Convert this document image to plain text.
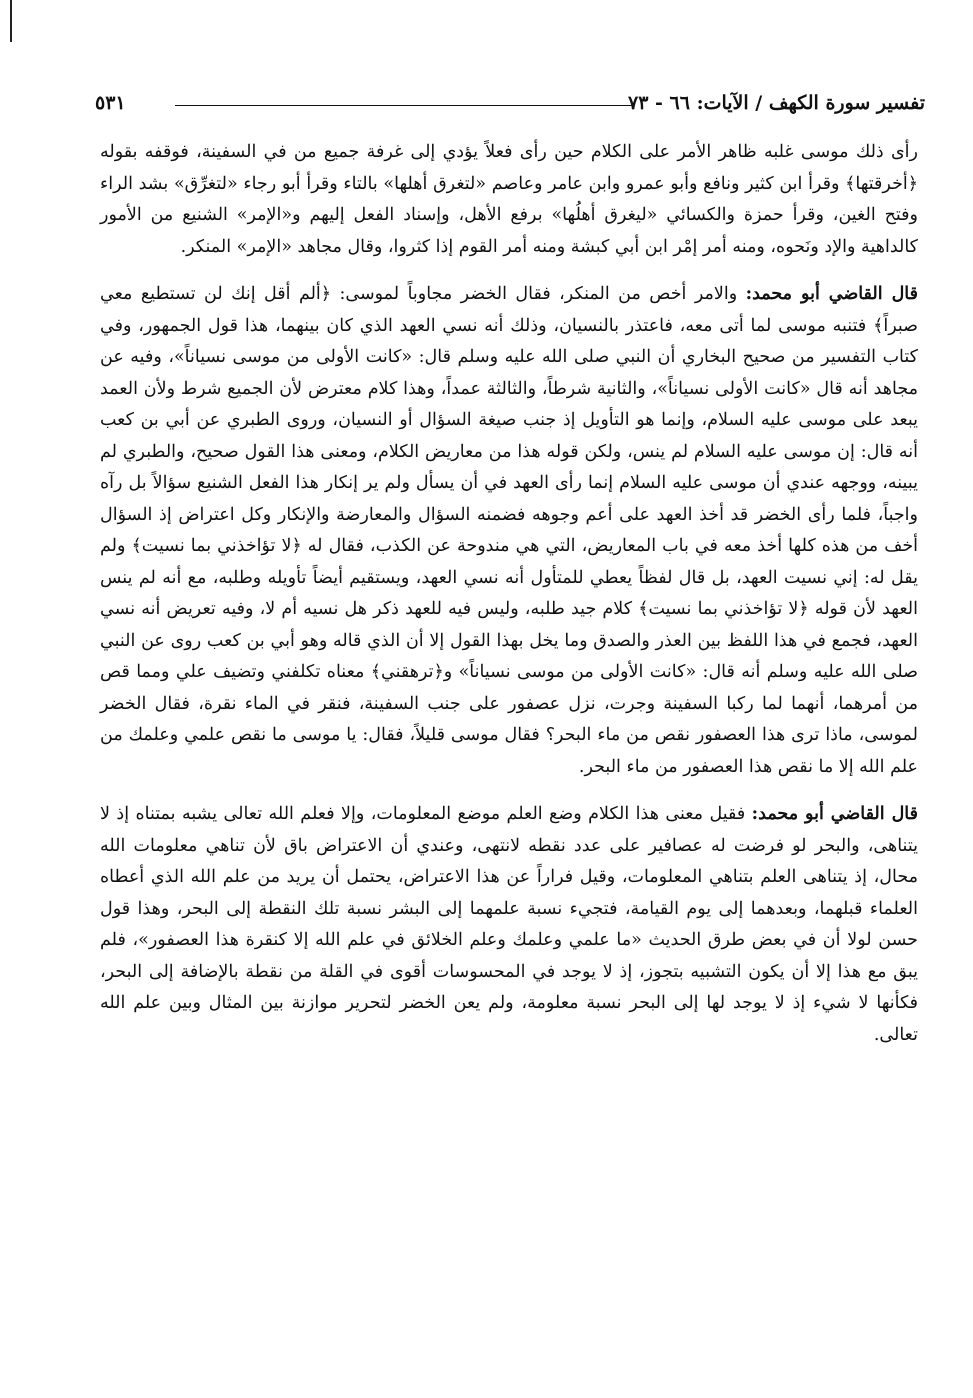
تفسير سورة الكهف / الآيات: ٦٦ - ٧٣
٥٣١

رأى ذلك موسى غلبه ظاهر الأمر على الكلام حين رأى فعلاً يؤدي إلى غرفة جميع من في السفينة، فوقفه بقوله ﴿أخرقتها﴾ وقرأ ابن كثير ونافع وأبو عمرو وابن عامر وعاصم «لتغرق أهلها» بالتاء وقرأ أبو رجاء «لتغرِّق» بشد الراء وفتح الغين، وقرأ حمزة والكسائي «ليغرق أهلُها» برفع الأهل، وإسناد الفعل إليهم و«الإمر» الشنيع من الأمور كالداهية والإد ونَحوه، ومنه أمر إمْر ابن أبي كبشة ومنه أمر القوم إذا كثروا، وقال مجاهد «الإمر» المنكر.

قال القاضي أبو محمد: والامر أخص من المنكر، فقال الخضر مجاوباً لموسى: ﴿ألم أقل إنك لن تستطيع معي صبراً﴾ فتنبه موسى لما أتى معه، فاعتذر بالنسيان، وذلك أنه نسي العهد الذي كان بينهما، هذا قول الجمهور، وفي كتاب التفسير من صحيح البخاري أن النبي صلى الله عليه وسلم قال: «كانت الأولى من موسى نسياناً»، وفيه عن مجاهد أنه قال «كانت الأولى نسياناً»، والثانية شرطاً، والثالثة عمداً، وهذا كلام معترض لأن الجميع شرط ولأن العمد يبعد على موسى عليه السلام، وإنما هو التأويل إذ جنب صيغة السؤال أو النسيان، وروى الطبري عن أبي بن كعب أنه قال: إن موسى عليه السلام لم ينس، ولكن قوله هذا من معاريض الكلام، ومعنى هذا القول صحيح، والطبري لم يبينه، ووجهه عندي أن موسى عليه السلام إنما رأى العهد في أن يسأل ولم ير إنكار هذا الفعل الشنيع سؤالاً بل رآه واجباً، فلما رأى الخضر قد أخذ العهد على أعم وجوهه فضمنه السؤال والمعارضة والإنكار وكل اعتراض إذ السؤال أخف من هذه كلها أخذ معه في باب المعاريض، التي هي مندوحة عن الكذب، فقال له ﴿لا تؤاخذني بما نسيت﴾ ولم يقل له: إني نسيت العهد، بل قال لفظاً يعطي للمتأول أنه نسي العهد، ويستقيم أيضاً تأويله وطلبه، مع أنه لم ينس العهد لأن قوله ﴿لا تؤاخذني بما نسيت﴾ كلام جيد طلبه، وليس فيه للعهد ذكر هل نسيه أم لا، وفيه تعريض أنه نسي العهد، فجمع في هذا اللفظ بين العذر والصدق وما يخل بهذا القول إلا أن الذي قاله وهو أبي بن كعب روى عن النبي صلى الله عليه وسلم أنه قال: «كانت الأولى من موسى نسياناً» و﴿ترهقني﴾ معناه تكلفني وتضيف علي ومما قص من أمرهما، أنهما لما ركبا السفينة وجرت، نزل عصفور على جنب السفينة، فنقر في الماء نقرة، فقال الخضر لموسى، ماذا ترى هذا العصفور نقص من ماء البحر؟ فقال موسى قليلاً، فقال: يا موسى ما نقص علمي وعلمك من علم الله إلا ما نقص هذا العصفور من ماء البحر.

قال القاضي أبو محمد: فقيل معنى هذا الكلام وضع العلم موضع المعلومات، وإلا فعلم الله تعالى يشبه بمتناه إذ لا يتناهى، والبحر لو فرضت له عصافير على عدد نقطه لانتهى، وعندي أن الاعتراض باق لأن تناهي معلومات الله محال، إذ يتناهى العلم بتناهي المعلومات، وقيل فراراً عن هذا الاعتراض، يحتمل أن يريد من علم الله الذي أعطاه العلماء قبلهما، وبعدهما إلى يوم القيامة، فتجيء نسبة علمهما إلى البشر نسبة تلك النقطة إلى البحر، وهذا قول حسن لولا أن في بعض طرق الحديث «ما علمي وعلمك وعلم الخلائق في علم الله إلا كنقرة هذا العصفور»، فلم يبق مع هذا إلا أن يكون التشبيه بتجوز، إذ لا يوجد في المحسوسات أقوى في القلة من نقطة بالإضافة إلى البحر، فكأنها لا شيء إذ لا يوجد لها إلى البحر نسبة معلومة، ولم يعن الخضر لتحرير موازنة بين المثال وبين علم الله تعالى.
